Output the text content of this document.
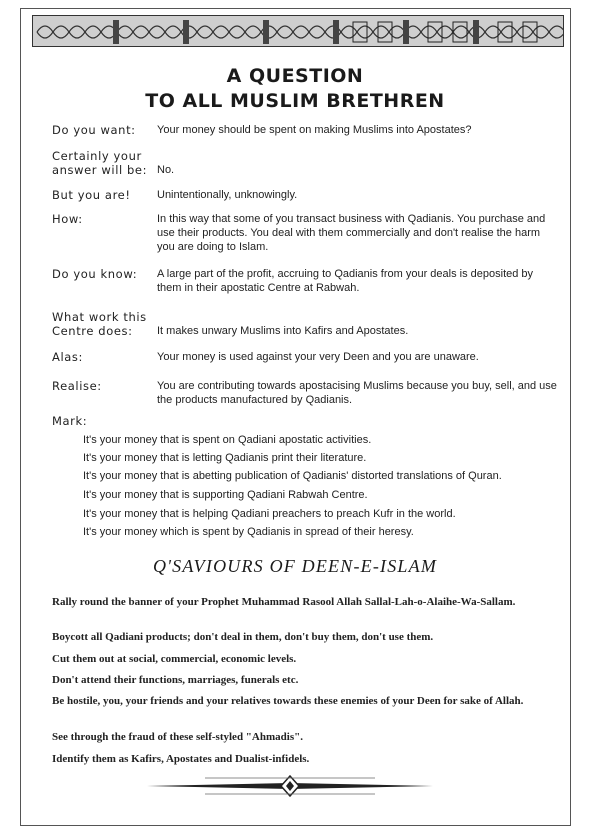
A QUESTION
TO ALL MUSLIM BRETHREN
Do you want: Your money should be spent on making Muslims into Apostates?
Certainly your
answer will be: No.
But you are! Unintentionally, unknowingly.
How:	In this way that some of you transact business with Qadianis. You purchase and use their products. You deal with them commercially and don't realise the harm you are doing to Islam.
Do you know: A large part of the profit, accruing to Qadianis from your deals is deposited by them in their apostatic Centre at Rabwah.
What work this
Centre does: It makes unwary Muslims into Kafirs and Apostates.
Alas:	Your money is used against your very Deen and you are unaware.
Realise:	You are contributing towards apostacising Muslims because you buy, sell, and use the products manufactured by Qadianis.
Mark:
It's your money that is spent on Qadiani apostatic activities.
It's your money that is letting Qadianis print their literature.
It's your money that is abetting publication of Qadianis' distorted translations of Quran.
It's your money that is supporting Qadiani Rabwah Centre.
It's your money that is helping Qadiani preachers to preach Kufr in the world.
It's your money which is spent by Qadianis in spread of their heresy.
Q'SAVIOURS OF DEEN-E-ISLAM
Rally round the banner of your Prophet Muhammad Rasool Allah Sallal-Lah-o-Alaihe-Wa-Sallam.
Boycott all Qadiani products; don't deal in them, don't buy them, don't use them.
Cut them out at social, commercial, economic levels.
Don't attend their functions, marriages, funerals etc.
Be hostile, you, your friends and your relatives towards these enemies of your Deen for sake of Allah.
See through the fraud of these self-styled "Ahmadis".
Identify them as Kafirs, Apostates and Dualist-infidels.
